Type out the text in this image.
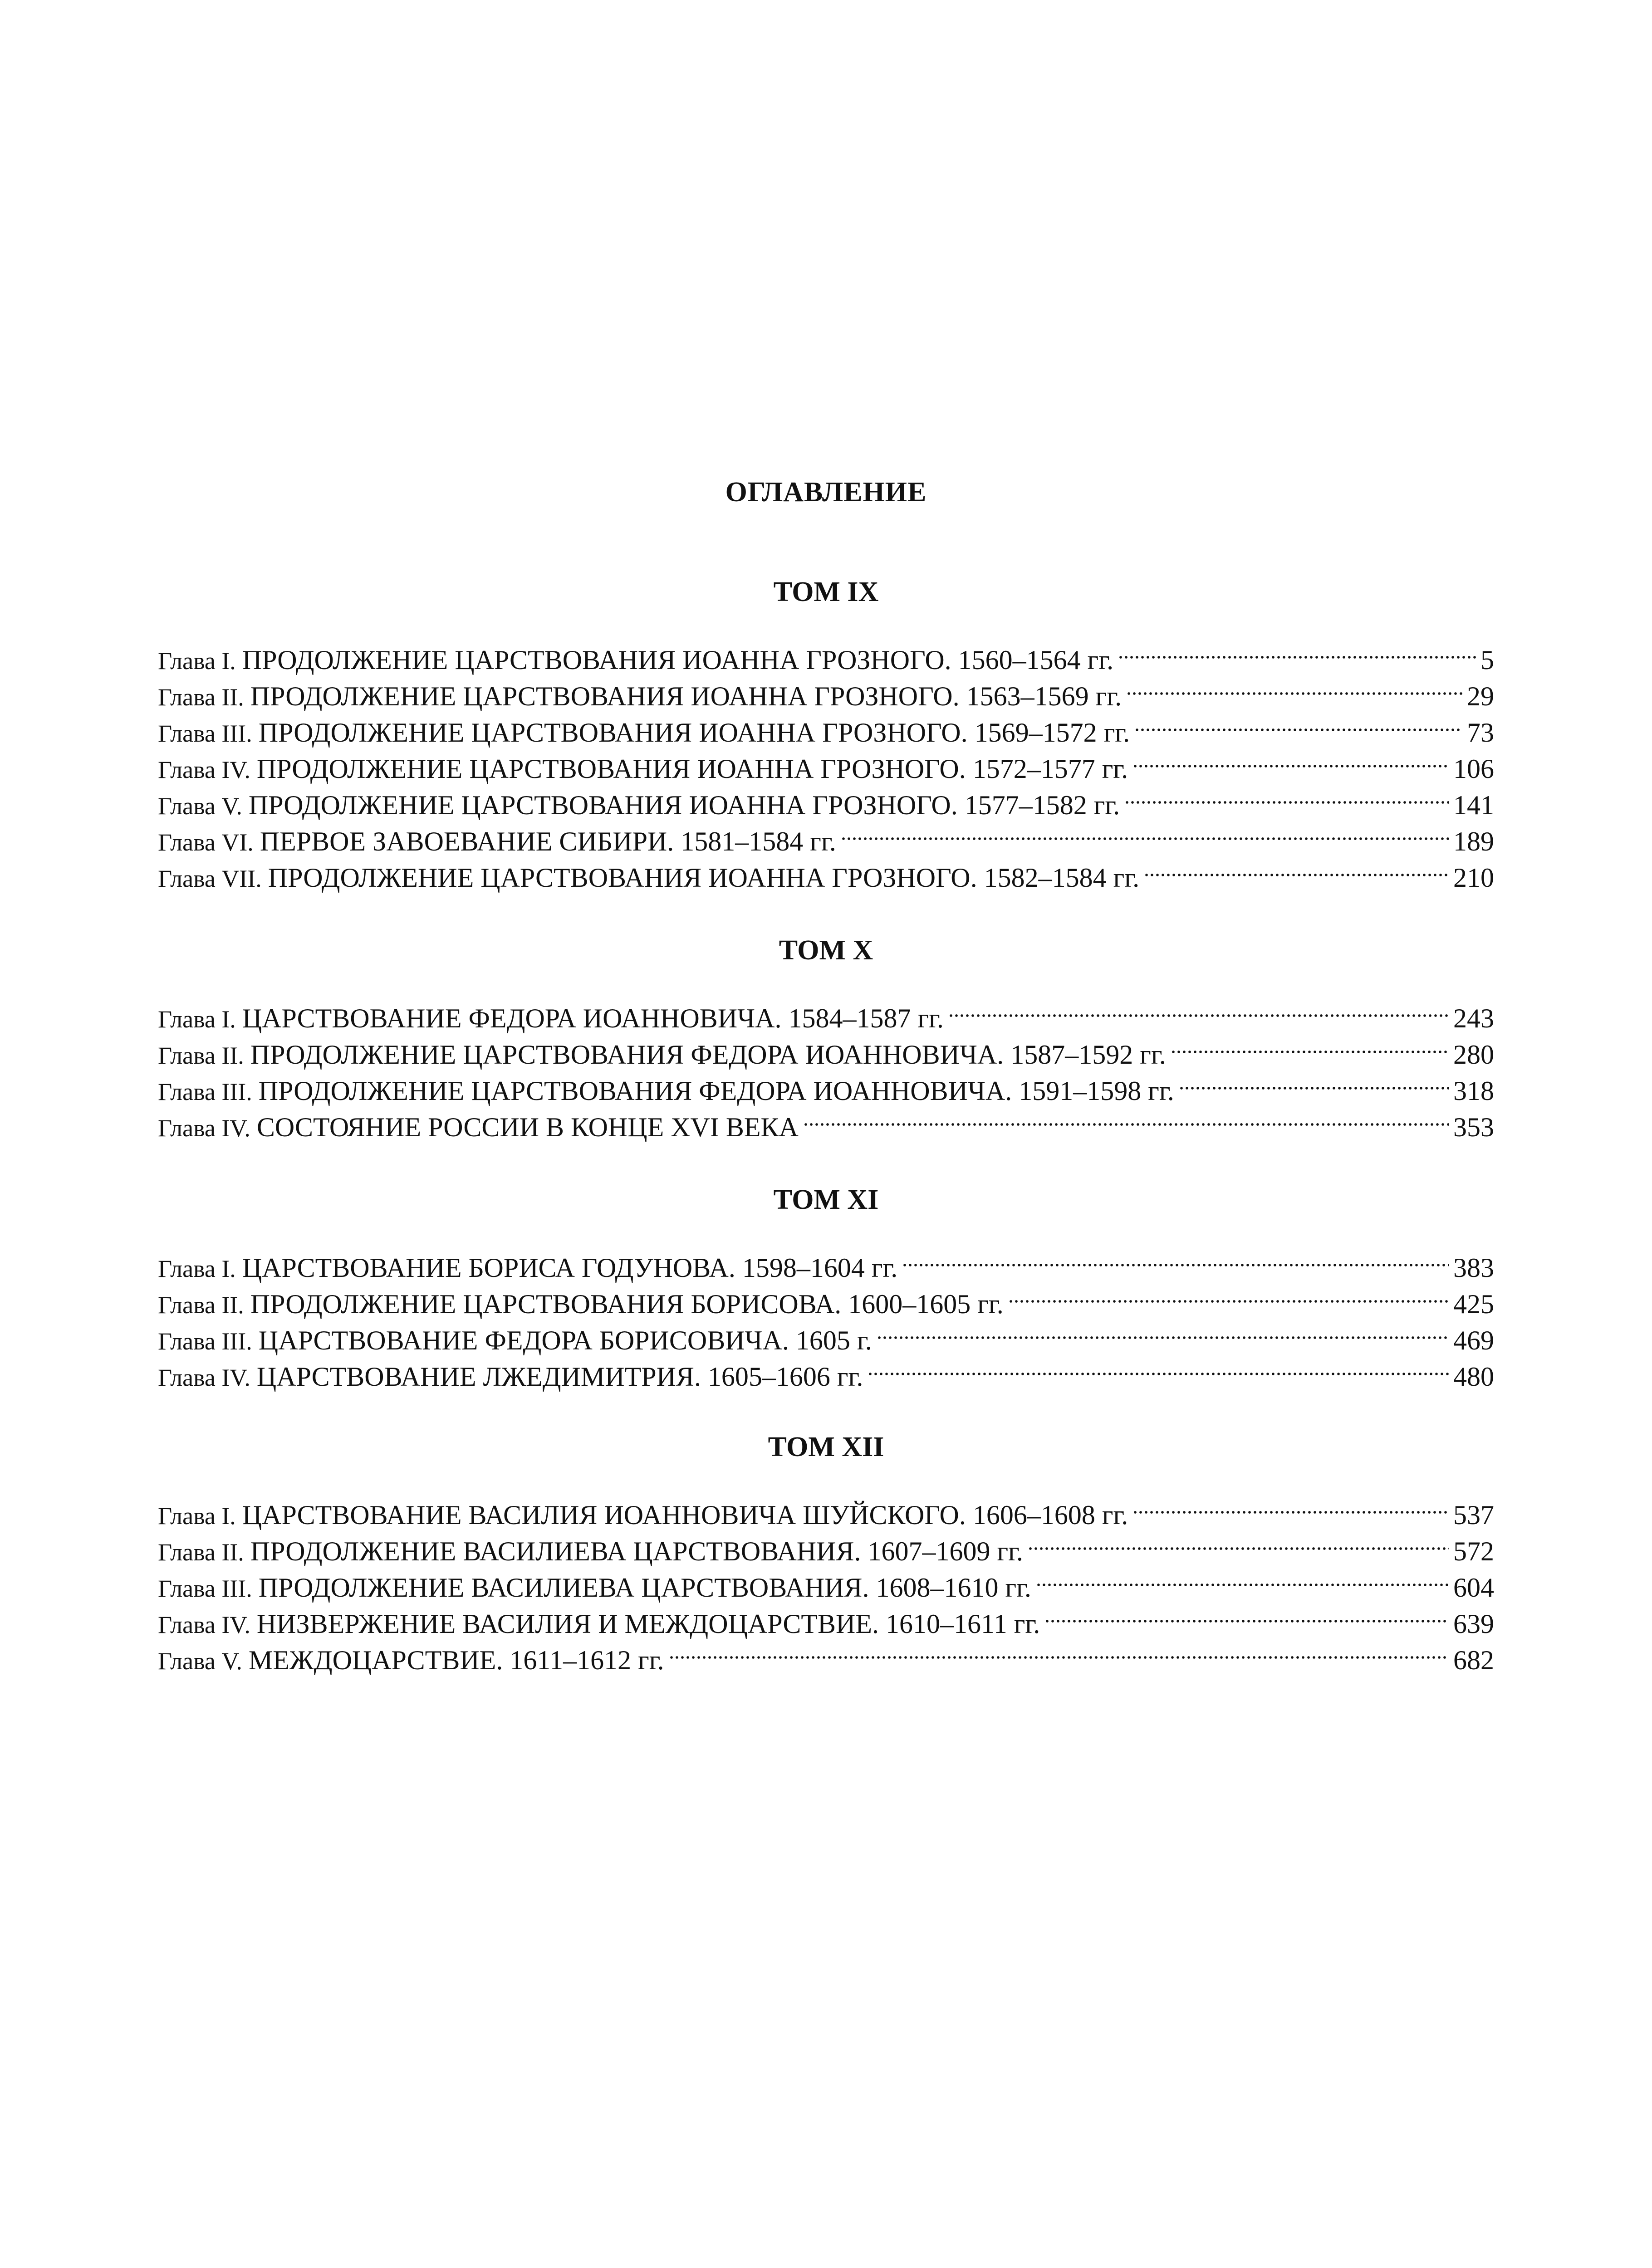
ОГЛАВЛЕНИЕ
ТОМ IX
Глава I. ПРОДОЛЖЕНИЕ ЦАРСТВОВАНИЯ ИОАННА ГРОЗНОГО. 1560–1564 гг.	5
Глава II. ПРОДОЛЖЕНИЕ ЦАРСТВОВАНИЯ ИОАННА ГРОЗНОГО. 1563–1569 гг.	29
Глава III. ПРОДОЛЖЕНИЕ ЦАРСТВОВАНИЯ ИОАННА ГРОЗНОГО. 1569–1572 гг.	73
Глава IV. ПРОДОЛЖЕНИЕ ЦАРСТВОВАНИЯ ИОАННА ГРОЗНОГО. 1572–1577 гг.	106
Глава V. ПРОДОЛЖЕНИЕ ЦАРСТВОВАНИЯ ИОАННА ГРОЗНОГО. 1577–1582 гг.	141
Глава VI. ПЕРВОЕ ЗАВОЕВАНИЕ СИБИРИ. 1581–1584 гг.	189
Глава VII. ПРОДОЛЖЕНИЕ ЦАРСТВОВАНИЯ ИОАННА ГРОЗНОГО. 1582–1584 гг.	210
ТОМ X
Глава I. ЦАРСТВОВАНИЕ ФЕДОРА ИОАННОВИЧА. 1584–1587 гг.	243
Глава II. ПРОДОЛЖЕНИЕ ЦАРСТВОВАНИЯ ФЕДОРА ИОАННОВИЧА. 1587–1592 гг.	280
Глава III. ПРОДОЛЖЕНИЕ ЦАРСТВОВАНИЯ ФЕДОРА ИОАННОВИЧА. 1591–1598 гг.	318
Глава IV. СОСТОЯНИЕ РОССИИ В КОНЦЕ XVI ВЕКА	353
ТОМ XI
Глава I. ЦАРСТВОВАНИЕ БОРИСА ГОДУНОВА. 1598–1604 гг.	383
Глава II. ПРОДОЛЖЕНИЕ ЦАРСТВОВАНИЯ БОРИСОВА. 1600–1605 гг.	425
Глава III. ЦАРСТВОВАНИЕ ФЕДОРА БОРИСОВИЧА. 1605 г.	469
Глава IV. ЦАРСТВОВАНИЕ ЛЖЕДИМИТРИЯ. 1605–1606 гг.	480
ТОМ XII
Глава I. ЦАРСТВОВАНИЕ ВАСИЛИЯ ИОАННОВИЧА ШУЙСКОГО. 1606–1608 гг.	537
Глава II. ПРОДОЛЖЕНИЕ ВАСИЛИЕВА ЦАРСТВОВАНИЯ. 1607–1609 гг.	572
Глава III. ПРОДОЛЖЕНИЕ ВАСИЛИЕВА ЦАРСТВОВАНИЯ. 1608–1610 гг.	604
Глава IV. НИЗВЕРЖЕНИЕ ВАСИЛИЯ И МЕЖДОЦАРСТВИЕ. 1610–1611 гг.	639
Глава V. МЕЖДОЦАРСТВИЕ. 1611–1612 гг.	682
